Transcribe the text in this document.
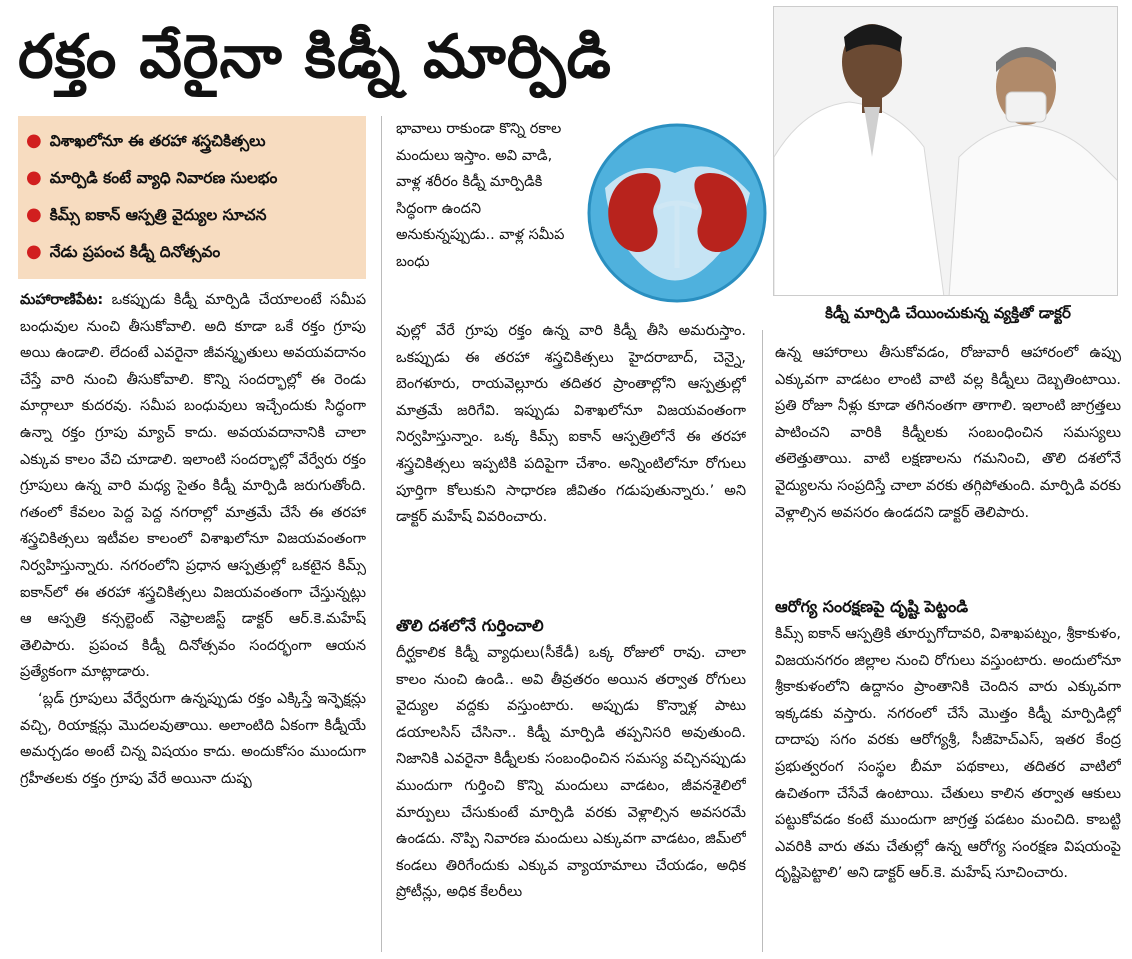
రక్తం వేరైనా కిడ్నీ మార్పిడి
● విశాఖలోనూ ఈ తరహా శస్త్రచికిత్సలు
● మార్పిడి కంటే వ్యాధి నివారణ సులభం
● కిమ్స్‌ ఐకాన్‌ ఆస్పత్రి వైద్యుల సూచన
● నేడు ప్రపంచ కిడ్నీ దినోత్సవం

మహారాణిపేట: ఒకప్పుడు కిడ్నీ మార్పిడి చేయాలంటే సమీప బంధువుల నుంచి తీసుకోవాలి. అది కూడా ఒకే రక్తం గ్రూపు అయి ఉండాలి. లేదంటే ఎవరైనా జీవన్మృతులు అవయవదానం చేస్తే వారి నుంచి తీసుకోవాలి. కొన్ని సందర్భాల్లో ఈ రెండు మార్గాలూ కుదరవు. సమీప బంధువులు ఇచ్చేందుకు సిద్ధంగా ఉన్నా రక్తం గ్రూపు మ్యాచ్‌ కాదు. అవయవదానానికి చాలా ఎక్కువ కాలం వేచి చూడాలి. ఇలాంటి సందర్భాల్లో వేర్వేరు రక్తం గ్రూపులు ఉన్న వారి మధ్య సైతం కిడ్నీ మార్పిడి జరుగుతోంది. గతంలో కేవలం పెద్ద పెద్ద నగరాల్లో మాత్రమే చేసే ఈ తరహా శస్త్రచికిత్సలు ఇటీవల కాలంలో విశాఖలోనూ విజయవంతంగా నిర్వహిస్తున్నారు. నగరంలోని ప్రధాన ఆస్పత్రుల్లో ఒకటైన కిమ్స్‌ ఐకాన్‌లో ఈ తరహా శస్త్రచికిత్సలు విజయవంతంగా చేస్తున్నట్లు ఆ ఆస్పత్రి కన్సల్టెంట్‌ నెఫ్రాలజిస్ట్‌ డాక్టర్‌ ఆర్‌.కె.మహేష్‌ తెలిపారు. ప్రపంచ కిడ్నీ దినోత్సవం సందర్భంగా ఆయన ప్రత్యేకంగా మాట్లాడారు.

‘బ్లడ్‌ గ్రూపులు వేర్వేరుగా ఉన్నప్పుడు రక్తం ఎక్కిస్తే ఇన్ఫెక్షన్లు వచ్చి, రియాక్షన్లు మొదలవుతాయి. అలాంటిది ఏకంగా కిడ్నీయే అమర్చడం అంటే చిన్న విషయం కాదు. అందుకోసం ముందుగా గ్రహీతలకు రక్తం గ్రూపు వేరే అయినా దుష్ప

భావాలు రాకుండా కొన్ని రకాల మందులు ఇస్తాం. అవి వాడి, వాళ్ల శరీరం కిడ్నీ మార్పిడికి సిద్ధంగా ఉందని అనుకున్నప్పుడు.. వాళ్ల సమీప బంధు

వుల్లో వేరే గ్రూపు రక్తం ఉన్న వారి కిడ్నీ తీసి అమరుస్తాం. ఒకప్పుడు ఈ తరహా శస్త్రచికిత్సలు హైదరాబాద్‌, చెన్నై, బెంగళూరు, రాయవెల్లూరు తదితర ప్రాంతాల్లోని ఆస్పత్రుల్లో మాత్రమే జరిగేవి. ఇప్పుడు విశాఖలోనూ విజయవంతంగా నిర్వహిస్తున్నాం. ఒక్క కిమ్స్‌ ఐకాన్‌ ఆస్పత్రిలోనే ఈ తరహా శస్త్రచికిత్సలు ఇప్పటికి పదిపైగా చేశాం. అన్నింటిలోనూ రోగులు పూర్తిగా కోలుకుని సాధారణ జీవితం గడుపుతున్నారు.’ అని డాక్టర్‌ మహేష్‌ వివరించారు.

తొలి దశలోనే గుర్తించాలి

దీర్ఘకాలిక కిడ్నీ వ్యాధులు(సీకేడీ) ఒక్క రోజులో రావు. చాలా కాలం నుంచి ఉండి.. అవి తీవ్రతరం అయిన తర్వాత రోగులు వైద్యుల వద్దకు వస్తుంటారు. అప్పుడు కొన్నాళ్ల పాటు డయాలసిస్‌ చేసినా.. కిడ్నీ మార్పిడి తప్పనిసరి అవుతుంది. నిజానికి ఎవరైనా కిడ్నీలకు సంబంధించిన సమస్య వచ్చినప్పుడు ముందుగా గుర్తించి కొన్ని మందులు వాడటం, జీవనశైలిలో మార్పులు చేసుకుంటే మార్పిడి వరకు వెళ్లాల్సిన అవసరమే ఉండదు. నొప్పి నివారణ మందులు ఎక్కువగా వాడటం, జిమ్‌లో కండలు తిరిగేందుకు ఎక్కువ వ్యాయామాలు చేయడం, అధిక ప్రోటీన్లు, అధిక కేలరీలు

కిడ్నీ మార్పిడి చేయించుకున్న వ్యక్తితో డాక్టర్‌

ఉన్న ఆహారాలు తీసుకోవడం, రోజువారీ ఆహారంలో ఉప్పు ఎక్కువగా వాడటం లాంటి వాటి వల్ల కిడ్నీలు దెబ్బతింటాయి. ప్రతి రోజూ నీళ్లు కూడా తగినంతగా తాగాలి. ఇలాంటి జాగ్రత్తలు పాటించని వారికి కిడ్నీలకు సంబంధించిన సమస్యలు తలెత్తుతాయి. వాటి లక్షణాలను గమనించి, తొలి దశలోనే వైద్యులను సంప్రదిస్తే చాలా వరకు తగ్గిపోతుంది. మార్పిడి వరకు వెళ్లాల్సిన అవసరం ఉండదని డాక్టర్‌ తెలిపారు.

ఆరోగ్య సంరక్షణపై దృష్టి పెట్టండి

కిమ్స్‌ ఐకాన్‌ ఆస్పత్రికి తూర్పుగోదావరి, విశాఖపట్నం, శ్రీకాకుళం, విజయనగరం జిల్లాల నుంచి రోగులు వస్తుంటారు. అందులోనూ శ్రీకాకుళంలోని ఉద్దానం ప్రాంతానికి చెందిన వారు ఎక్కువగా ఇక్కడకు వస్తారు. నగరంలో చేసే మొత్తం కిడ్నీ మార్పిడిల్లో దాదాపు సగం వరకు ఆరోగ్యశ్రీ, సీజీహెచ్‌ఎస్‌, ఇతర కేంద్ర ప్రభుత్వరంగ సంస్థల బీమా పథకాలు, తదితర వాటిలో ఉచితంగా చేసేవే ఉంటాయి. చేతులు కాలిన తర్వాత ఆకులు పట్టుకోవడం కంటే ముందుగా జాగ్రత్త పడటం మంచిది. కాబట్టి ఎవరికి వారు తమ చేతుల్లో ఉన్న ఆరోగ్య సంరక్షణ విషయంపై దృష్టిపెట్టాలి’ అని డాక్టర్‌ ఆర్‌.కె. మహేష్‌ సూచించారు.
